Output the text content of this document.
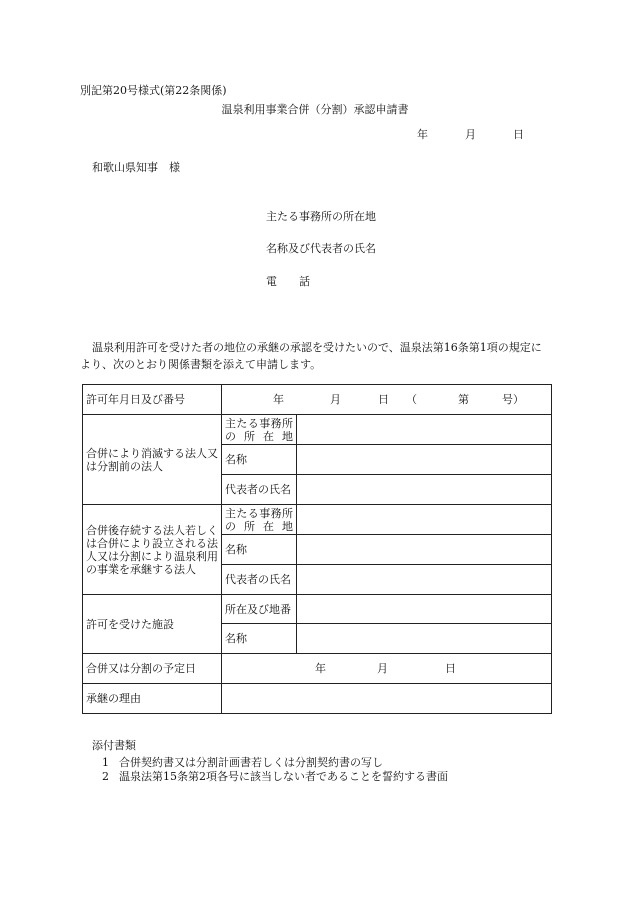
別記第20号様式(第22条関係)
温泉利用事業合併（分割）承認申請書
年	月	日
和歌山県知事　様
主たる事務所の所在地
名称及び代表者の氏名
電 話
温泉利用許可を受けた者の地位の承継の承認を受けたいので、温泉法第16条第1項の規定により、次のとおり関係書類を添えて申請します。
許可年月日及び番号	年 月 日 （ 第 号）	
合併により消滅する法人又は分割前の法人	主たる事務所の所在地	
	名称	
	代表者の氏名	
合併後存続する法人若しくは合併により設立される法人又は分割により温泉利用の事業を承継する法人	主たる事務所の所在地	
	名称	
	代表者の氏名	
許可を受けた施設	所在及び地番	
	名称	
合併又は分割の予定日	年 月 日	
承継の理由		
添付書類
1 合併契約書又は分割計画書若しくは分割契約書の写し
2 温泉法第15条第2項各号に該当しない者であることを誓約する書面
